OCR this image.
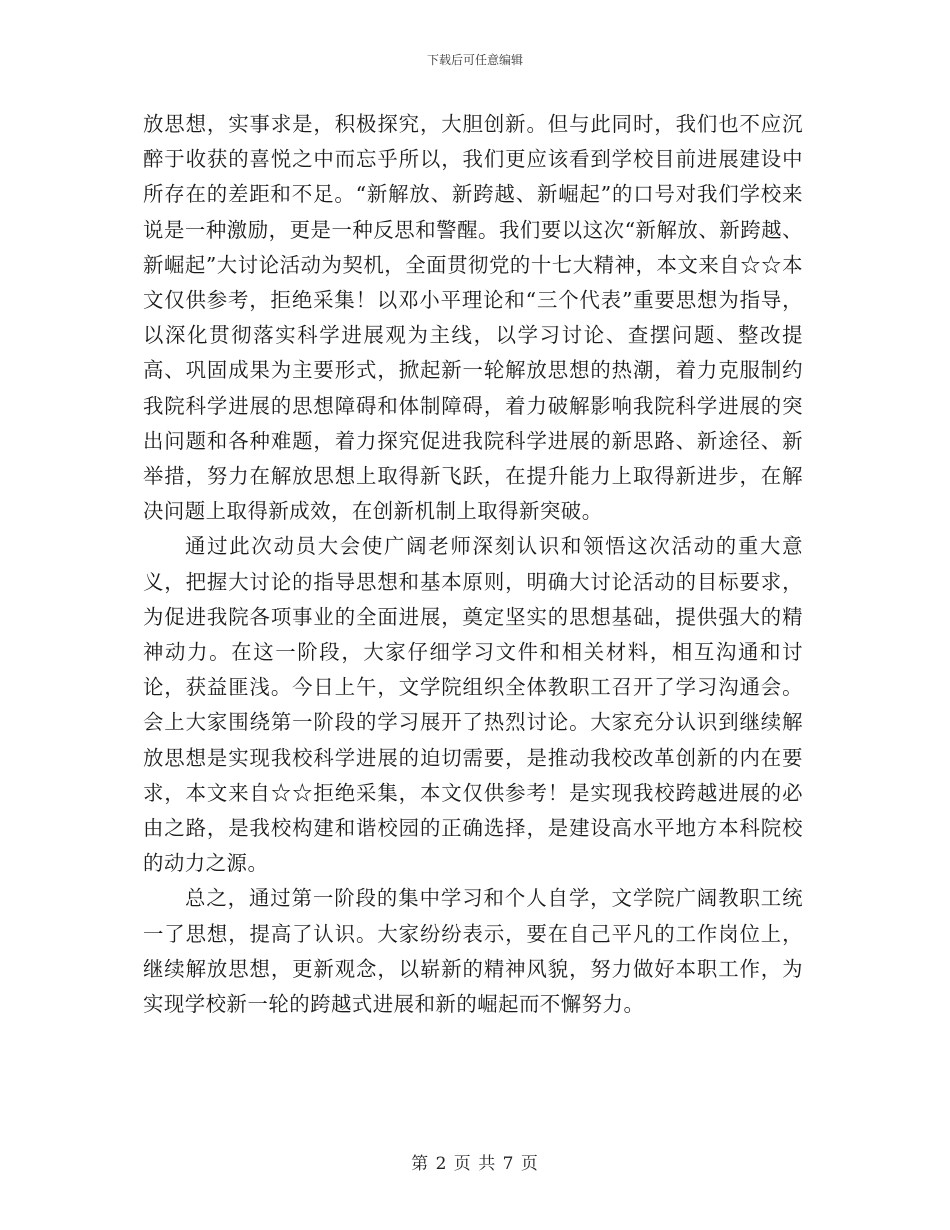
下载后可任意编辑

放思想，实事求是，积极探究，大胆创新。但与此同时，我们也不应沉醉于收获的喜悦之中而忘乎所以，我们更应该看到学校目前进展建设中所存在的差距和不足。“新解放、新跨越、新崛起”的口号对我们学校来说是一种激励，更是一种反思和警醒。我们要以这次“新解放、新跨越、新崛起”大讨论活动为契机，全面贯彻党的十七大精神，本文来自☆☆本文仅供参考，拒绝采集！以邓小平理论和“三个代表”重要思想为指导，以深化贯彻落实科学进展观为主线，以学习讨论、查摆问题、整改提高、巩固成果为主要形式，掀起新一轮解放思想的热潮，着力克服制约我院科学进展的思想障碍和体制障碍，着力破解影响我院科学进展的突出问题和各种难题，着力探究促进我院科学进展的新思路、新途径、新举措，努力在解放思想上取得新飞跃，在提升能力上取得新进步，在解决问题上取得新成效，在创新机制上取得新突破。

通过此次动员大会使广阔老师深刻认识和领悟这次活动的重大意义，把握大讨论的指导思想和基本原则，明确大讨论活动的目标要求，为促进我院各项事业的全面进展，奠定坚实的思想基础，提供强大的精神动力。在这一阶段，大家仔细学习文件和相关材料，相互沟通和讨论，获益匪浅。今日上午，文学院组织全体教职工召开了学习沟通会。会上大家围绕第一阶段的学习展开了热烈讨论。大家充分认识到继续解放思想是实现我校科学进展的迫切需要，是推动我校改革创新的内在要求，本文来自☆☆拒绝采集，本文仅供参考！是实现我校跨越进展的必由之路，是我校构建和谐校园的正确选择，是建设高水平地方本科院校的动力之源。

总之，通过第一阶段的集中学习和个人自学，文学院广阔教职工统一了思想，提高了认识。大家纷纷表示，要在自己平凡的工作岗位上，继续解放思想，更新观念，以崭新的精神风貌，努力做好本职工作，为实现学校新一轮的跨越式进展和新的崛起而不懈努力。

第 2 页 共 7 页
